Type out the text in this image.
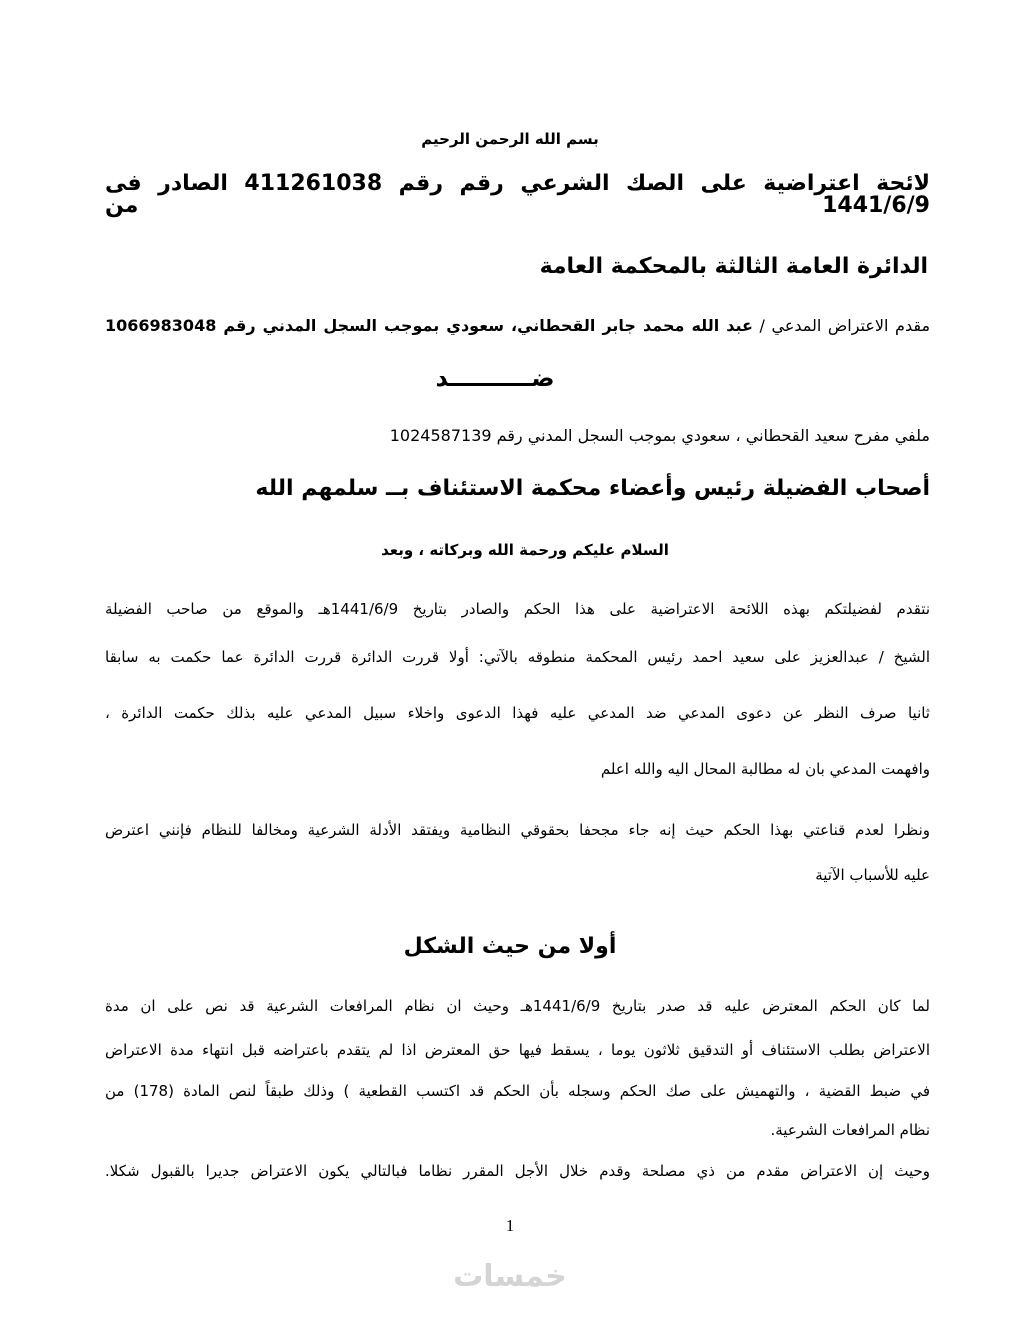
بسم الله الرحمن الرحيم
لائحة اعتراضية على الصك الشرعي رقم رقم 411261038 الصادر فى 1441/6/9 من
الدائرة العامة الثالثة بالمحكمة العامة
مقدم الاعتراض المدعي / عبد الله محمد جابر القحطاني، سعودي بموجب السجل المدني رقم 1066983048
ضــــــــــد
ملفي مفرح سعيد القحطاني ، سعودي بموجب السجل المدني رقم 1024587139
أصحاب الفضيلة رئيس وأعضاء محكمة الاستئناف بــ سلمهم الله
السلام عليكم ورحمة الله وبركاته ، وبعد
نتقدم لفضيلتكم بهذه اللائحة الاعتراضية على هذا الحكم والصادر بتاريخ 1441/6/9هـ والموقع من صاحب الفضيلة
الشيخ / عبدالعزيز على سعيد احمد رئيس المحكمة منطوقه بالآتي: أولا قررت الدائرة قررت الدائرة عما حكمت به سابقا
ثانيا صرف النظر عن دعوى المدعي ضد المدعي عليه فهذا الدعوى واخلاء سبيل المدعي عليه بذلك حكمت الدائرة ،
وافهمت المدعي بان له مطالبة المحال اليه والله اعلم
ونظرا لعدم قناعتي بهذا الحكم حيث إنه جاء مجحفا بحقوقي النظامية ويفتقد الأدلة الشرعية ومخالفا للنظام فإنني اعترض
عليه للأسباب الآتية
أولا من حيث الشكل
لما كان الحكم المعترض عليه قد صدر بتاريخ 1441/6/9هـ وحيث ان نظام المرافعات الشرعية قد نص على ان مدة
الاعتراض بطلب الاستئناف أو التدقيق ثلاثون يوما ، يسقط فيها حق المعترض اذا لم يتقدم باعتراضه قبل انتهاء مدة الاعتراض
في ضبط القضية ، والتهميش على صك الحكم وسجله بأن الحكم قد اكتسب القطعية ) وذلك طبقاً لنص المادة (178) من
نظام المرافعات الشرعية.
وحيث إن الاعتراض مقدم من ذي مصلحة وقدم خلال الأجل المقرر نظاما فبالتالي يكون الاعتراض جديرا بالقبول شكلا.
1
خمسات
